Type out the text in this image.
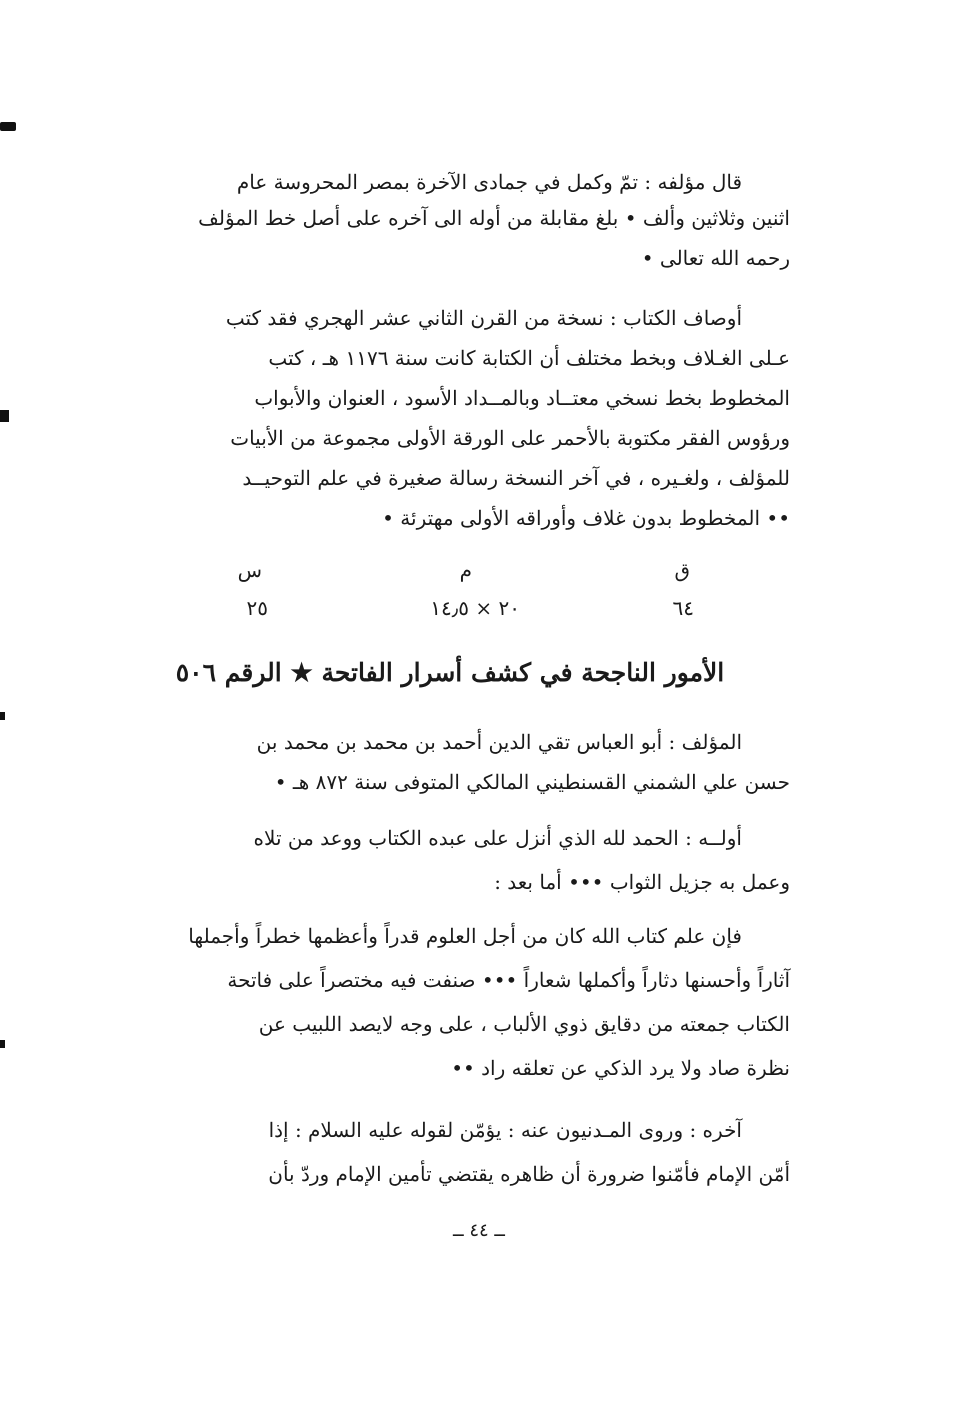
قال مؤلفه : تمّ وكمل في جمادى الآخرة بمصر المحروسة عام
اثنين وثلاثين وألف • بلغ مقابلة من أوله الى آخره على أصل خط المؤلف
رحمه الله تعالى •
أوصاف الكتاب : نسخة من القرن الثاني عشر الهجري فقد كتب
عـلى الغـلاف وبخط مختلف أن الكتابة كانت سنة ١١٧٦ هـ ، كتب
المخطوط بخط نسخي معتــاد وبالمــداد الأسود ، العنوان والأبواب
ورؤوس الفقر مكتوبة بالأحمر على الورقة الأولى مجموعة من الأبيات
للمؤلف ، ولغـيره ، في آخر النسخة رسالة صغيرة في علم التوحيــد
•• المخطوط بدون غلاف وأوراقه الأولى مهترئة •
ق
م
س
٦٤
٢٠ × ١٤٫٥
٢٥
الأمور الناجحة في كشف أسرار الفاتحة ★ الرقم ٥٠٦
المؤلف : أبو العباس تقي الدين أحمد بن محمد بن محمد بن
حسن علي الشمني القسنطيني المالكي المتوفى سنة ٨٧٢ هـ •
أولــه : الحمد لله الذي أنزل على عبده الكتاب ووعد من تلاه
وعمل به جزيل الثواب ••• أما بعد :
فإن علم كتاب الله كان من أجل العلوم قدراً وأعظمها خطراً وأجملها
آثاراً وأحسنها دثاراً وأكملها شعاراً ••• صنفت فيه مختصراً على فاتحة
الكتاب جمعته من دقايق ذوي الألباب ، على وجه لايصد اللبيب عن
نظرة صاد ولا يرد الذكي عن تعلقه راد ••
آخره : وروى المـدنيون عنه : يؤمّن لقوله عليه السلام : إذا
أمّن الإمام فأمّنوا ضرورة أن ظاهره يقتضي تأمين الإمام وردّ بأن
ــ ٤٤ ــ
